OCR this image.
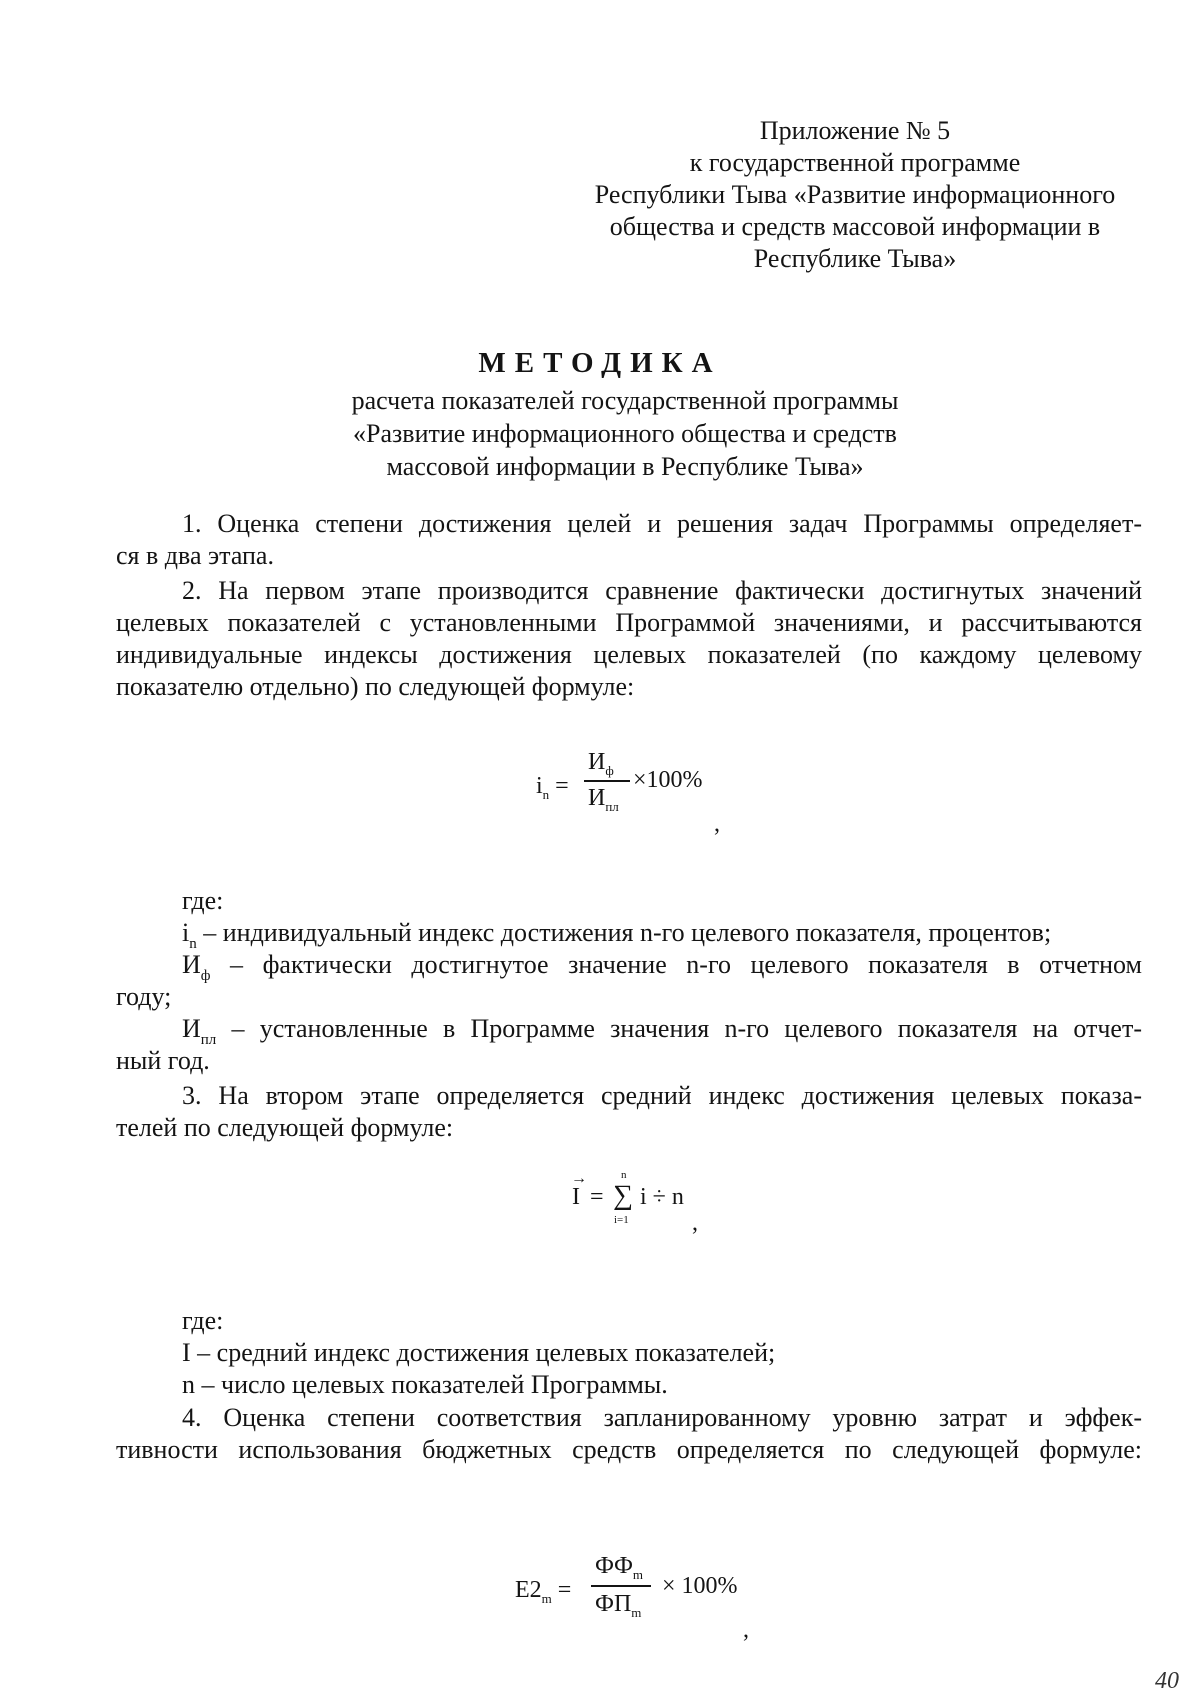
Приложение № 5
к государственной программе
Республики Тыва «Развитие информационного
общества и средств массовой информации в
Республике Тыва»
МЕТОДИКА
расчета показателей государственной программы
«Развитие информационного общества и средств
массовой информации в Республике Тыва»
1. Оценка степени достижения целей и решения задач Программы определяет-
ся в два этапа.
2. На первом этапе производится сравнение фактически достигнутых значений
целевых показателей с установленными Программой значениями, и рассчитываются
индивидуальные индексы достижения целевых показателей (по каждому целевому
показателю отдельно) по следующей формуле:
$i_n$ =
$И_ф$
$И_{пл}$
×100%
,
где:
$i_n$ – индивидуальный индекс достижения n-го целевого показателя, процентов;
$И_ф$ – фактически достигнутое значение n-го целевого показателя в отчетном
году;
$И_{пл}$ – установленные в Программе значения n-го целевого показателя на отчет-
ный год.
3. На втором этапе определяется средний индекс достижения целевых показа-
телей по следующей формуле:
→
I = ∑
n
i=1
i ÷ n
,
где:
I – средний индекс достижения целевых показателей;
n – число целевых показателей Программы.
4. Оценка степени соответствия запланированному уровню затрат и эффек-
тивности использования бюджетных средств определяется по следующей формуле:
$Е2_m$ =
$ФФ_m$
$ФП_m$
× 100%
,
40
